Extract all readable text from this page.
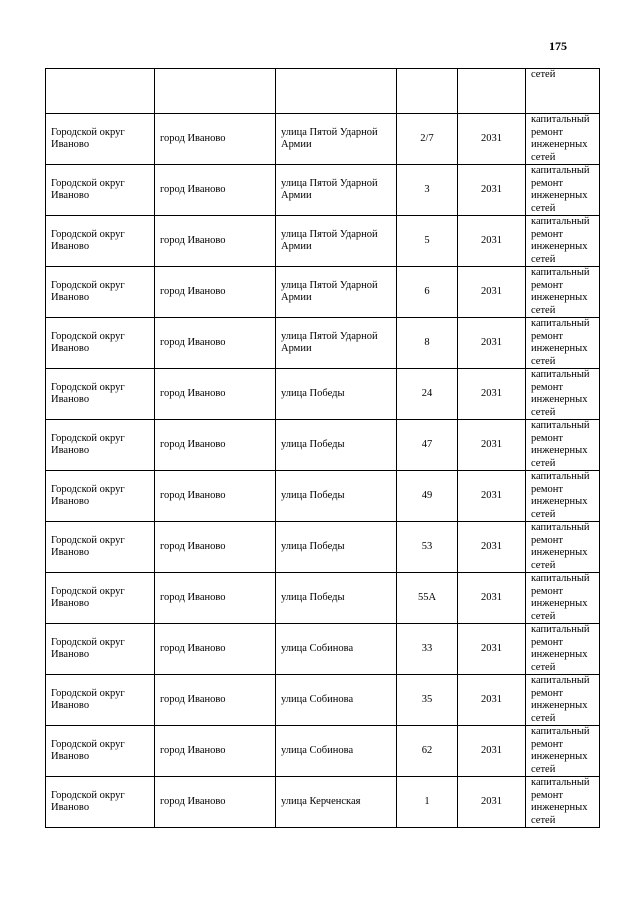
175
					сетей
Городской округ Иваново	город Иваново	улица Пятой Ударной Армии	2/7	2031	капитальный ремонт инженерных сетей
Городской округ Иваново	город Иваново	улица Пятой Ударной Армии	3	2031	капитальный ремонт инженерных сетей
Городской округ Иваново	город Иваново	улица Пятой Ударной Армии	5	2031	капитальный ремонт инженерных сетей
Городской округ Иваново	город Иваново	улица Пятой Ударной Армии	6	2031	капитальный ремонт инженерных сетей
Городской округ Иваново	город Иваново	улица Пятой Ударной Армии	8	2031	капитальный ремонт инженерных сетей
Городской округ Иваново	город Иваново	улица Победы	24	2031	капитальный ремонт инженерных сетей
Городской округ Иваново	город Иваново	улица Победы	47	2031	капитальный ремонт инженерных сетей
Городской округ Иваново	город Иваново	улица Победы	49	2031	капитальный ремонт инженерных сетей
Городской округ Иваново	город Иваново	улица Победы	53	2031	капитальный ремонт инженерных сетей
Городской округ Иваново	город Иваново	улица Победы	55А	2031	капитальный ремонт инженерных сетей
Городской округ Иваново	город Иваново	улица Собинова	33	2031	капитальный ремонт инженерных сетей
Городской округ Иваново	город Иваново	улица Собинова	35	2031	капитальный ремонт инженерных сетей
Городской округ Иваново	город Иваново	улица Собинова	62	2031	капитальный ремонт инженерных сетей
Городской округ Иваново	город Иваново	улица Керченская	1	2031	капитальный ремонт инженерных сетей
